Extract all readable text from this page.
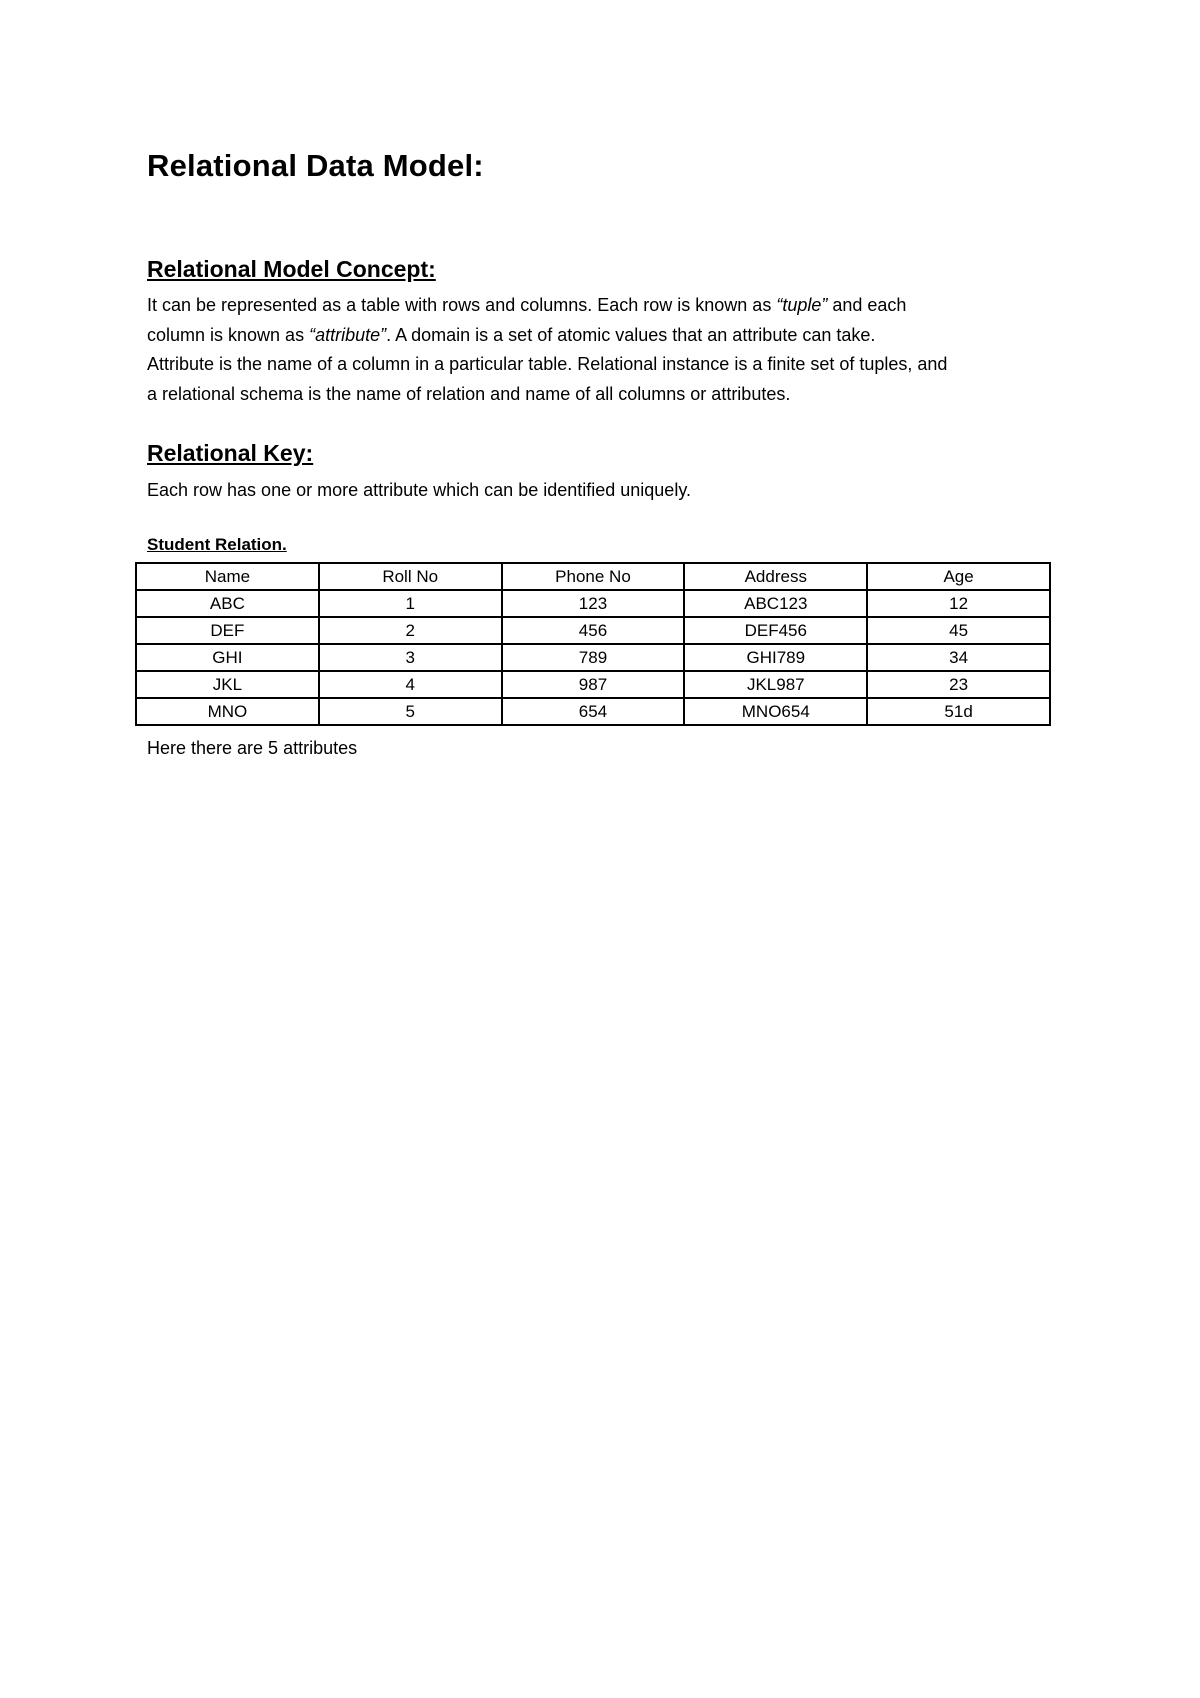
Relational Data Model:
Relational Model Concept:
It can be represented as a table with rows and columns. Each row is known as “tuple” and each
column is known as “attribute”. A domain is a set of atomic values that an attribute can take.
Attribute is the name of a column in a particular table. Relational instance is a finite set of tuples, and
a relational schema is the name of relation and name of all columns or attributes.
Relational Key:

Each row has one or more attribute which can be identified uniquely.

Student Relation.

Name	Roll No	Phone No	Address	Age
ABC	1	123	ABC123	12
DEF	2	456	DEF456	45
GHI	3	789	GHI789	34
JKL	4	987	JKL987	23
MNO	5	654	MNO654	51d

Here there are 5 attributes
